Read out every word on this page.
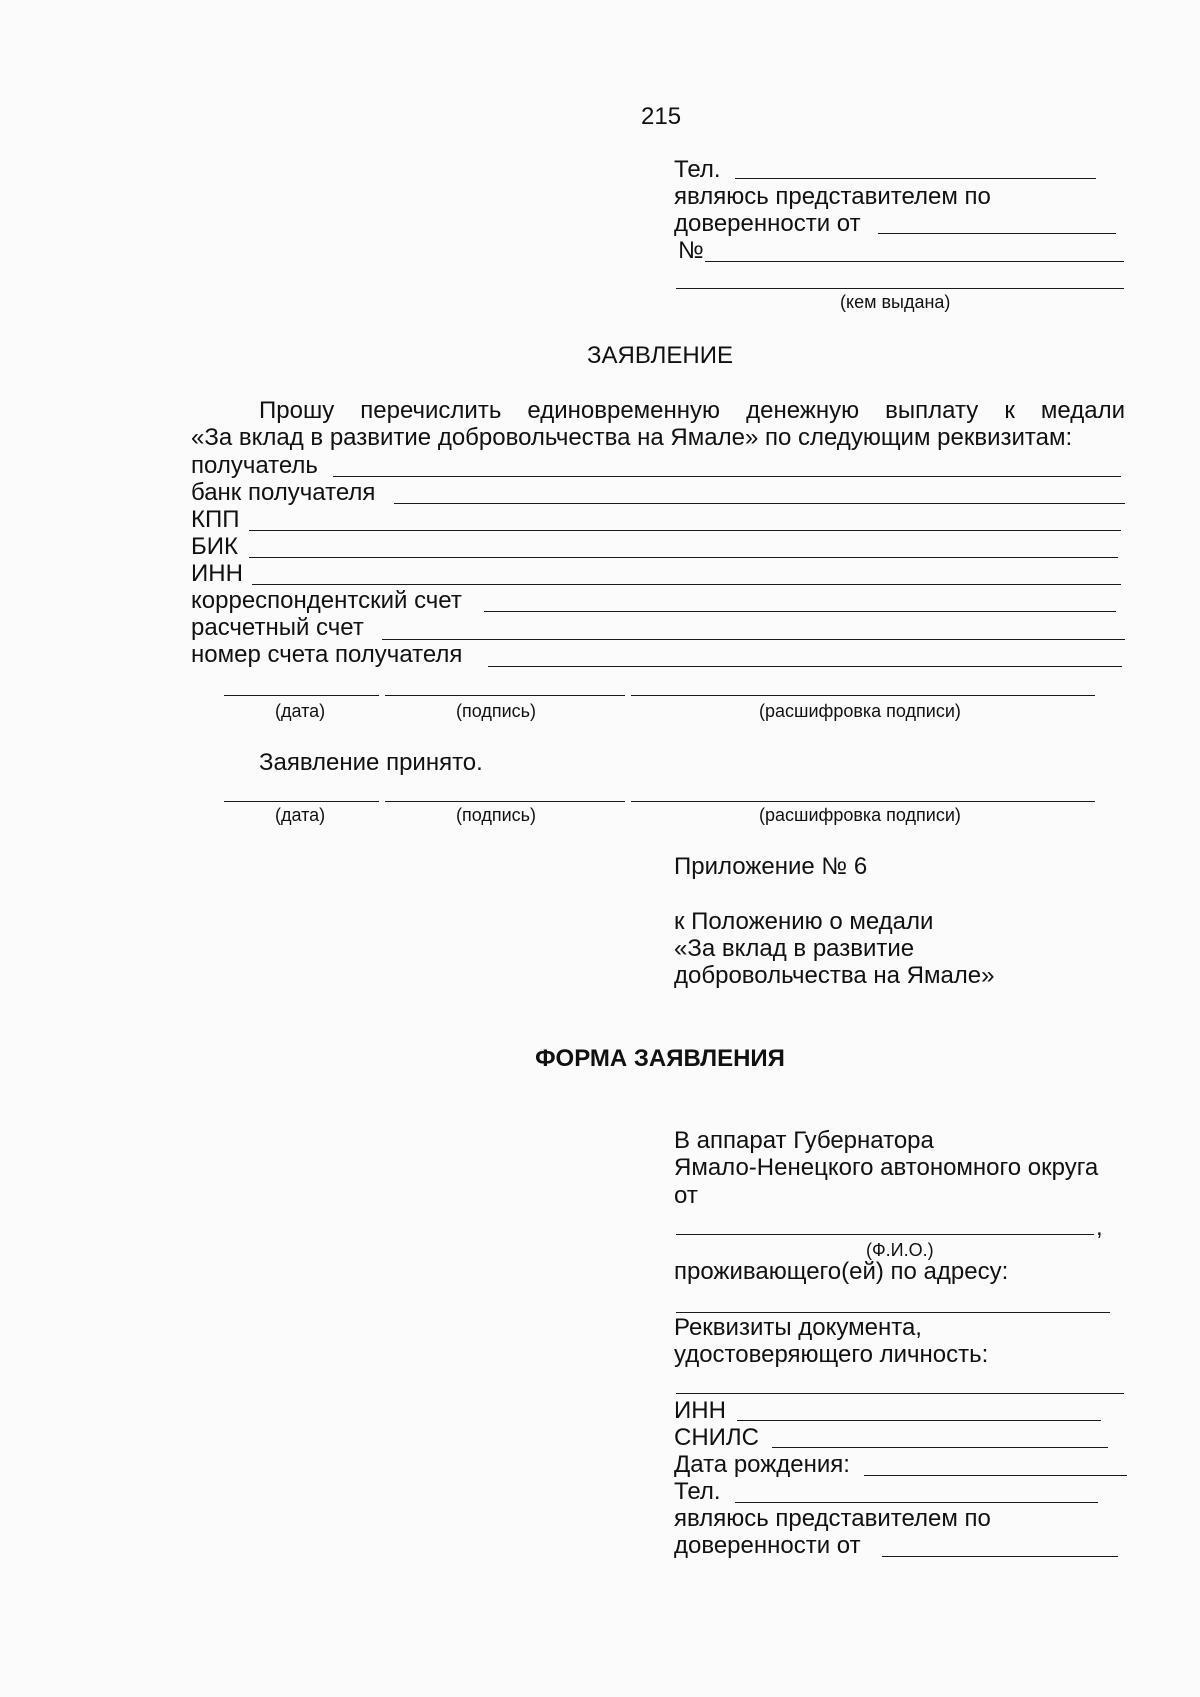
215
Тел.
являюсь представителем по
доверенности от
№
(кем выдана)
ЗАЯВЛЕНИЕ
Прошу перечислить единовременную денежную выплату к медали
«За вклад в развитие добровольчества на Ямале» по следующим реквизитам:
получатель
банк получателя
КПП
БИК
ИНН
корреспондентский счет
расчетный счет
номер счета получателя
(дата)	(подпись)	(расшифровка подписи)
Заявление принято.
(дата)	(подпись)	(расшифровка подписи)
Приложение № 6
к Положению о медали
«За вклад в развитие
добровольчества на Ямале»
ФОРМА ЗАЯВЛЕНИЯ
В аппарат Губернатора
Ямало-Ненецкого автономного округа
от
,
(Ф.И.О.)
проживающего(ей) по адресу:
Реквизиты документа,
удостоверяющего личность:
ИНН
СНИЛС
Дата рождения:
Тел.
являюсь представителем по
доверенности от
